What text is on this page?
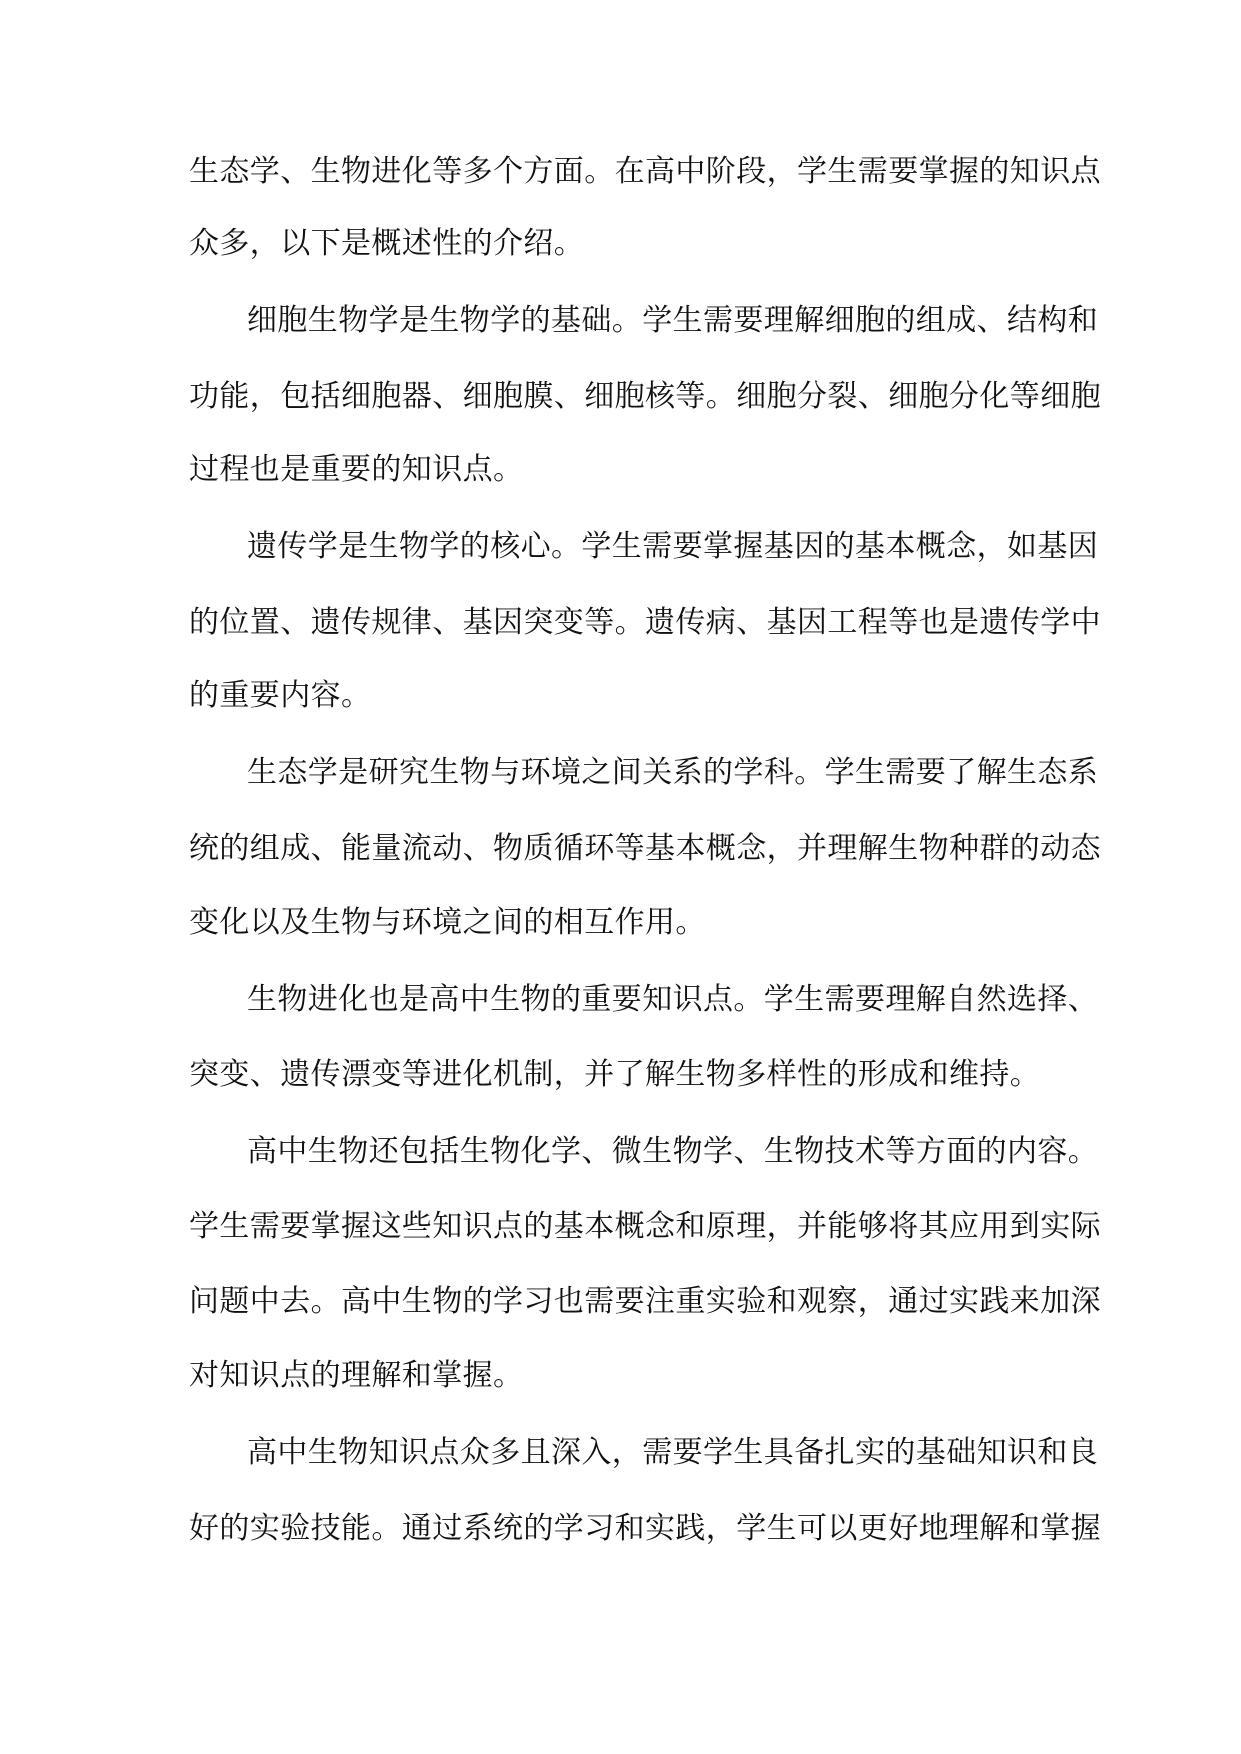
生态学、生物进化等多个方面。在高中阶段，学生需要掌握的知识点
众多，以下是概述性的介绍。
细胞生物学是生物学的基础。学生需要理解细胞的组成、结构和
功能，包括细胞器、细胞膜、细胞核等。细胞分裂、细胞分化等细胞
过程也是重要的知识点。
遗传学是生物学的核心。学生需要掌握基因的基本概念，如基因
的位置、遗传规律、基因突变等。遗传病、基因工程等也是遗传学中
的重要内容。
生态学是研究生物与环境之间关系的学科。学生需要了解生态系
统的组成、能量流动、物质循环等基本概念，并理解生物种群的动态
变化以及生物与环境之间的相互作用。
生物进化也是高中生物的重要知识点。学生需要理解自然选择、
突变、遗传漂变等进化机制，并了解生物多样性的形成和维持。
高中生物还包括生物化学、微生物学、生物技术等方面的内容。
学生需要掌握这些知识点的基本概念和原理，并能够将其应用到实际
问题中去。高中生物的学习也需要注重实验和观察，通过实践来加深
对知识点的理解和掌握。
高中生物知识点众多且深入，需要学生具备扎实的基础知识和良
好的实验技能。通过系统的学习和实践，学生可以更好地理解和掌握
